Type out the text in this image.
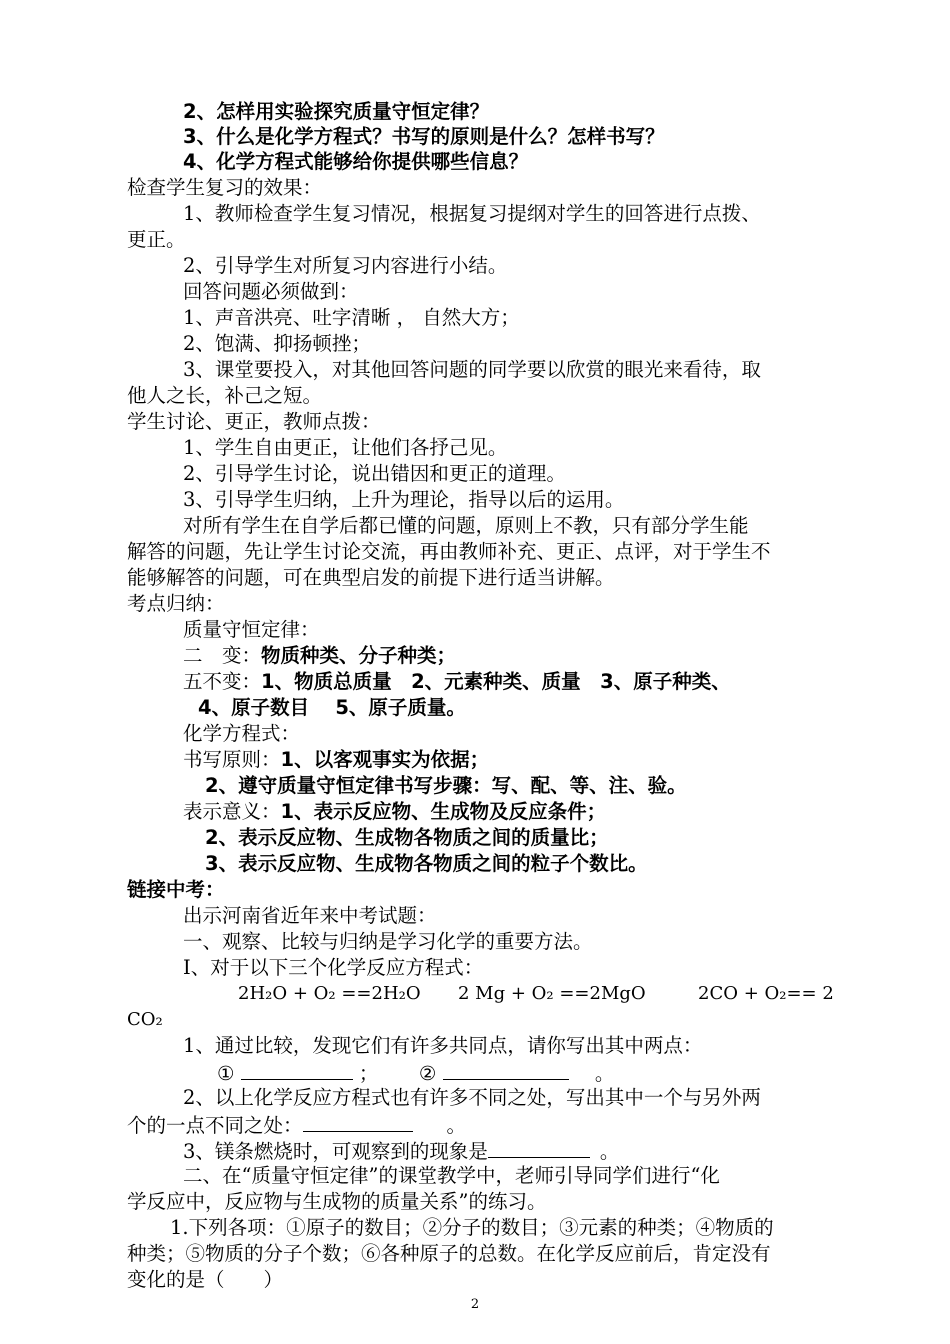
2、怎样用实验探究质量守恒定律？
3、什么是化学方程式？书写的原则是什么？怎样书写？
4、化学方程式能够给你提供哪些信息？
检查学生复习的效果：
1、教师检查学生复习情况，根据复习提纲对学生的回答进行点拨、
更正。
2、引导学生对所复习内容进行小结。
回答问题必须做到：
1、声音洪亮、吐字清晰 ， 自然大方；
2、饱满、抑扬顿挫；
3、课堂要投入，对其他回答问题的同学要以欣赏的眼光来看待，取
他人之长，补己之短。
学生讨论、更正，教师点拨：
1、学生自由更正，让他们各抒己见。
2、引导学生讨论，说出错因和更正的道理。
3、引导学生归纳，上升为理论，指导以后的运用。
对所有学生在自学后都已懂的问题，原则上不教，只有部分学生能
解答的问题，先让学生讨论交流，再由教师补充、更正、点评，对于学生不
能够解答的问题，可在典型启发的前提下进行适当讲解。
考点归纳：
质量守恒定律：
二　变：物质种类、分子种类；
五不变：1、物质总质量　2、元素种类、质量　3、原子种类、
4、原子数目　 5、原子质量。
化学方程式：
书写原则：1、以客观事实为依据；
2、遵守质量守恒定律书写步骤：写、配、等、注、验。
表示意义：1、表示反应物、生成物及反应条件；
2、表示反应物、生成物各物质之间的质量比；
3、表示反应物、生成物各物质之间的粒子个数比。
链接中考：
出示河南省近年来中考试题：
一、观察、比较与归纳是学习化学的重要方法。
Ⅰ、对于以下三个化学反应方程式：
2H₂O + O₂ ==2H₂O 2 Mg + O₂ ==2MgO	2CO + O₂== 2
CO₂
1、通过比较，发现它们有许多共同点，请你写出其中两点：
①	； ②	。
2、以上化学反应方程式也有许多不同之处，写出其中一个与另外两
个的一点不同之处：	。
3、镁条燃烧时，可观察到的现象是	。
二、在“质量守恒定律”的课堂教学中，老师引导同学们进行“化
学反应中，反应物与生成物的质量关系”的练习。
1.下列各项：①原子的数目；②分子的数目；③元素的种类；④物质的
种类；⑤物质的分子个数；⑥各种原子的总数。在化学反应前后，肯定没有
变化的是（　　）
2
